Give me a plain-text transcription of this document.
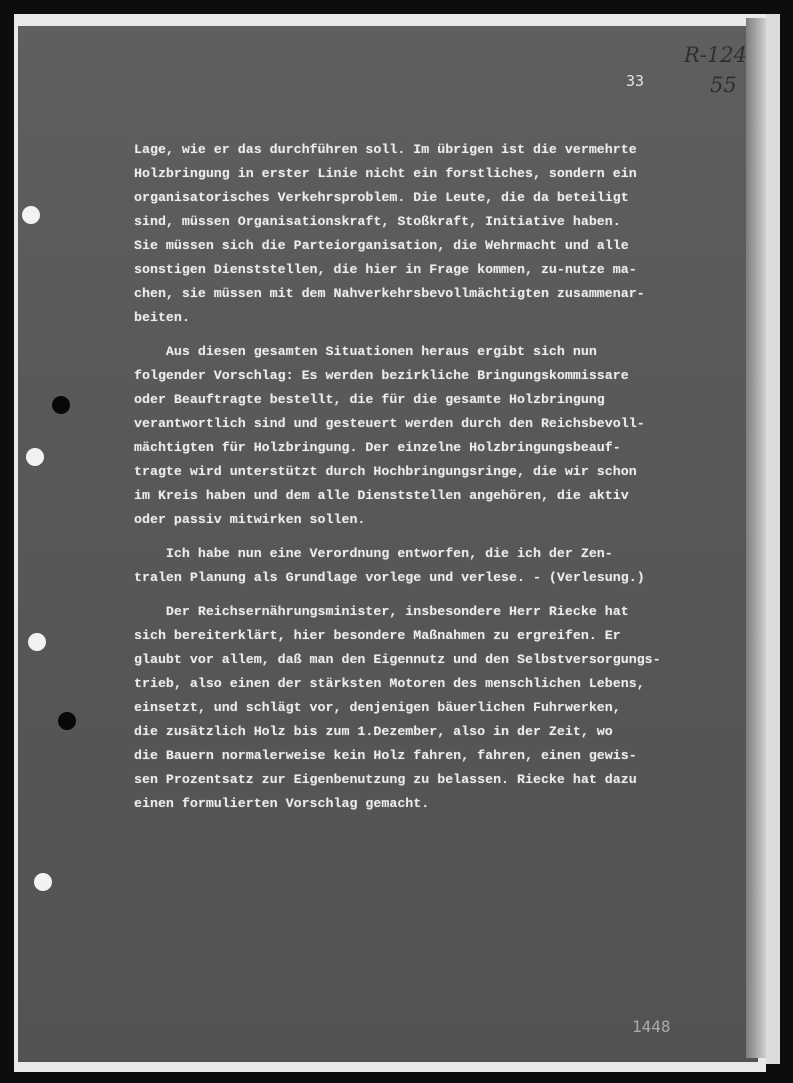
33
R-124
55
Lage, wie er das durchführen soll. Im übrigen ist die vermehrte
Holzbringung in erster Linie nicht ein forstliches, sondern ein
organisatorisches Verkehrsproblem. Die Leute, die da beteiligt
sind, müssen Organisationskraft, Stoßkraft, Initiative haben.
Sie müssen sich die Parteiorganisation, die Wehrmacht und alle
sonstigen Dienststellen, die hier in Frage kommen, zu-nutze ma-
chen, sie müssen mit dem Nahverkehrsbevollmächtigten zusammenar-
beiten.
Aus diesen gesamten Situationen heraus ergibt sich nun
folgender Vorschlag: Es werden bezirkliche Bringungskommissare
oder Beauftragte bestellt, die für die gesamte Holzbringung
verantwortlich sind und gesteuert werden durch den Reichsbevoll-
mächtigten für Holzbringung. Der einzelne Holzbringungsbeauf-
tragte wird unterstützt durch Hochbringungsringe, die wir schon
im Kreis haben und dem alle Dienststellen angehören, die aktiv
oder passiv mitwirken sollen.
Ich habe nun eine Verordnung entworfen, die ich der Zen-
tralen Planung als Grundlage vorlege und verlese. - (Verlesung.)
Der Reichsernährungsminister, insbesondere Herr Riecke hat
sich bereiterklärt, hier besondere Maßnahmen zu ergreifen. Er
glaubt vor allem, daß man den Eigennutz und den Selbstversorgungs-
trieb, also einen der stärksten Motoren des menschlichen Lebens,
einsetzt, und schlägt vor, denjenigen bäuerlichen Fuhrwerken,
die zusätzlich Holz bis zum 1.Dezember, also in der Zeit, wo
die Bauern normalerweise kein Holz fahren, fahren, einen gewis-
sen Prozentsatz zur Eigenbenutzung zu belassen. Riecke hat dazu
einen formulierten Vorschlag gemacht.
1448
